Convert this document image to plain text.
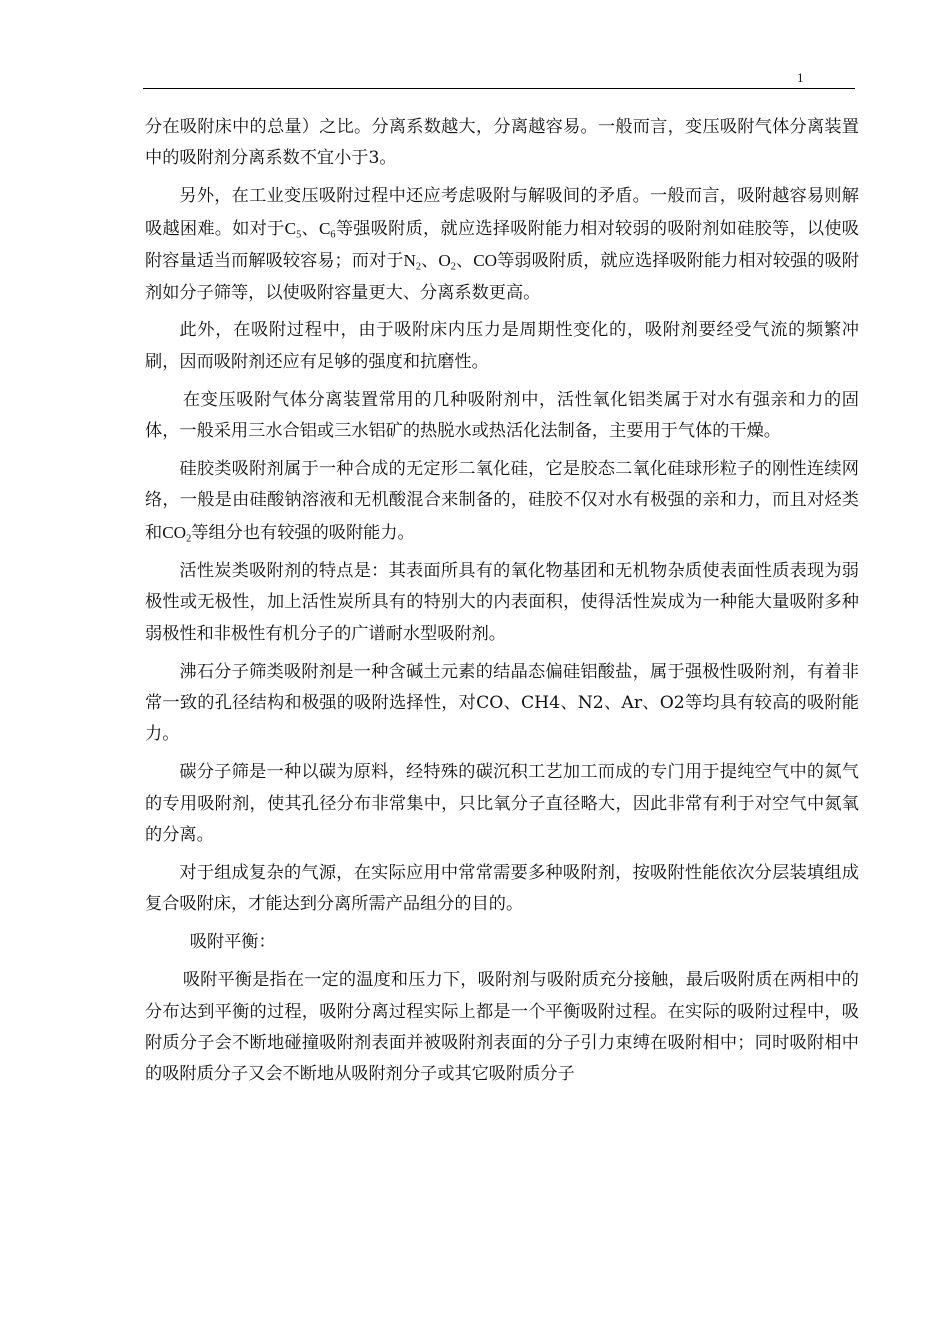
1

分在吸附床中的总量）之比。分离系数越大，分离越容易。一般而言，变压吸附气体分离装置中的吸附剂分离系数不宜小于3。

另外，在工业变压吸附过程中还应考虑吸附与解吸间的矛盾。一般而言，吸附越容易则解吸越困难。如对于$C_5$、$C_6$等强吸附质，就应选择吸附能力相对较弱的吸附剂如硅胶等，以使吸附容量适当而解吸较容易；而对于$N_2$、$O_2$、CO等弱吸附质，就应选择吸附能力相对较强的吸附剂如分子筛等，以使吸附容量更大、分离系数更高。

此外，在吸附过程中，由于吸附床内压力是周期性变化的，吸附剂要经受气流的频繁冲刷，因而吸附剂还应有足够的强度和抗磨性。

在变压吸附气体分离装置常用的几种吸附剂中，活性氧化铝类属于对水有强亲和力的固体，一般采用三水合铝或三水铝矿的热脱水或热活化法制备，主要用于气体的干燥。

硅胶类吸附剂属于一种合成的无定形二氧化硅，它是胶态二氧化硅球形粒子的刚性连续网络，一般是由硅酸钠溶液和无机酸混合来制备的，硅胶不仅对水有极强的亲和力，而且对烃类和$CO_2$等组分也有较强的吸附能力。

活性炭类吸附剂的特点是：其表面所具有的氧化物基团和无机物杂质使表面性质表现为弱极性或无极性，加上活性炭所具有的特别大的内表面积，使得活性炭成为一种能大量吸附多种弱极性和非极性有机分子的广谱耐水型吸附剂。

沸石分子筛类吸附剂是一种含碱土元素的结晶态偏硅铝酸盐，属于强极性吸附剂，有着非常一致的孔径结构和极强的吸附选择性，对CO、CH4、N2、Ar、O2等均具有较高的吸附能力。

碳分子筛是一种以碳为原料，经特殊的碳沉积工艺加工而成的专门用于提纯空气中的氮气的专用吸附剂，使其孔径分布非常集中，只比氧分子直径略大，因此非常有利于对空气中氮氧的分离。

对于组成复杂的气源，在实际应用中常常需要多种吸附剂，按吸附性能依次分层装填组成复合吸附床，才能达到分离所需产品组分的目的。

吸附平衡：

吸附平衡是指在一定的温度和压力下，吸附剂与吸附质充分接触，最后吸附质在两相中的分布达到平衡的过程，吸附分离过程实际上都是一个平衡吸附过程。在实际的吸附过程中，吸附质分子会不断地碰撞吸附剂表面并被吸附剂表面的分子引力束缚在吸附相中；同时吸附相中的吸附质分子又会不断地从吸附剂分子或其它吸附质分子
